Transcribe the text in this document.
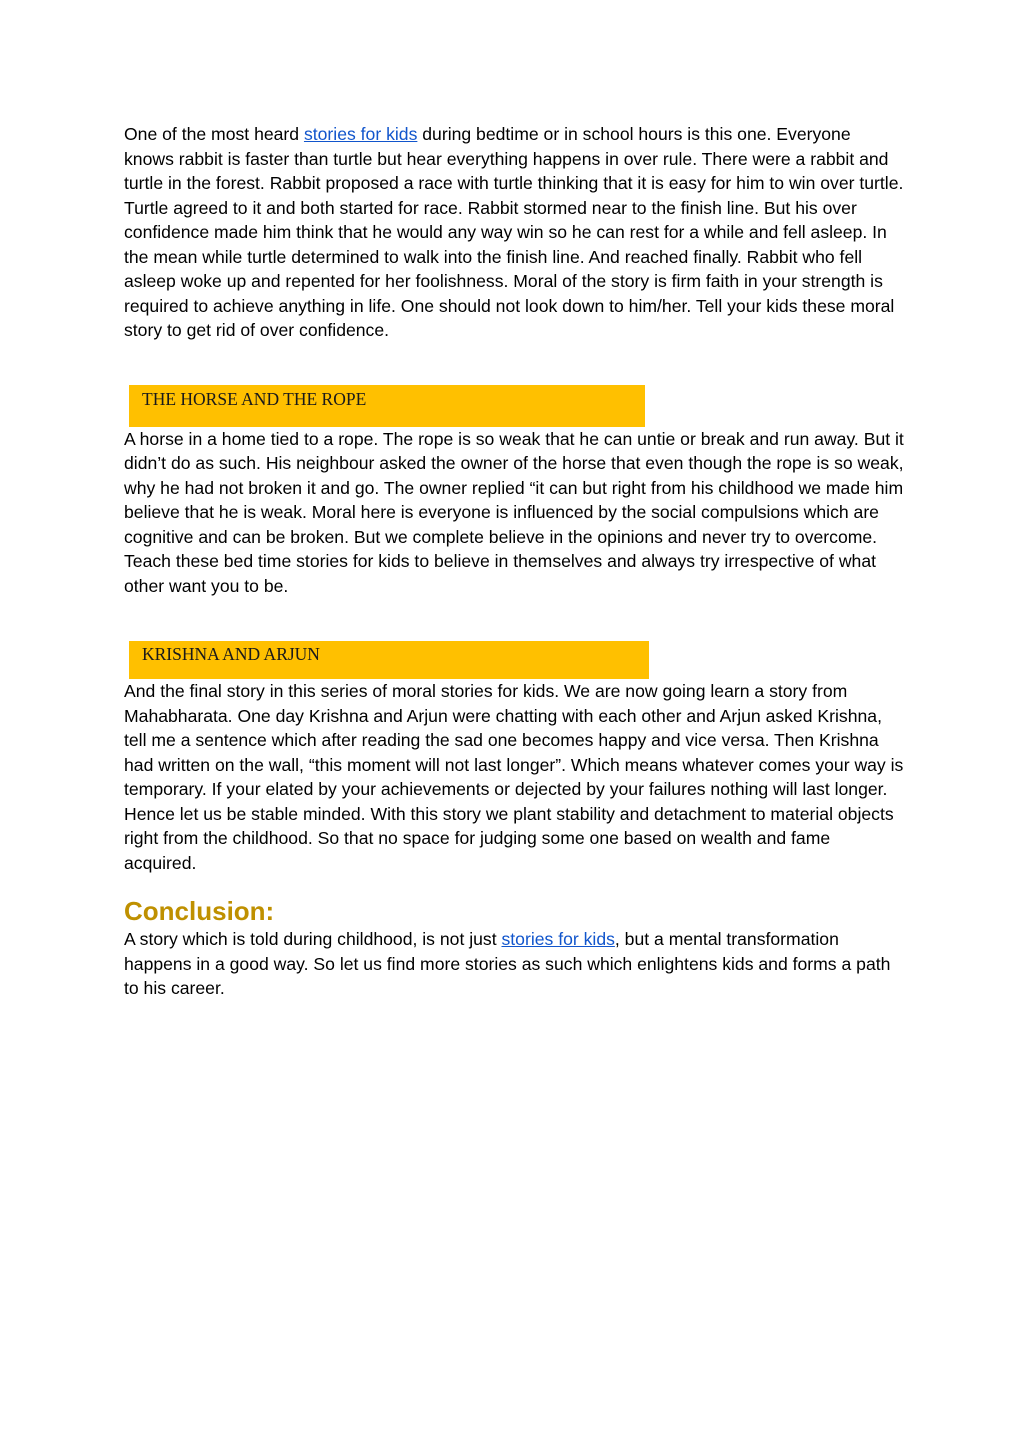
One of the most heard stories for kids during bedtime or in school hours is this one. Everyone knows rabbit is faster than turtle but hear everything happens in over rule. There were a rabbit and turtle in the forest. Rabbit proposed a race with turtle thinking that it is easy for him to win over turtle. Turtle agreed to it and both started for race. Rabbit stormed near to the finish line. But his over confidence made him think that he would any way win so he can rest for a while and fell asleep. In the mean while turtle determined to walk into the finish line. And reached finally. Rabbit who fell asleep woke up and repented for her foolishness. Moral of the story is firm faith in your strength is required to achieve anything in life. One should not look down to him/her. Tell your kids these moral story to get rid of over confidence.

THE HORSE AND THE ROPE

A horse in a home tied to a rope. The rope is so weak that he can untie or break and run away. But it didn’t do as such. His neighbour asked the owner of the horse that even though the rope is so weak, why he had not broken it and go. The owner replied “it can but right from his childhood we made him believe that he is weak. Moral here is everyone is influenced by the social compulsions which are cognitive and can be broken. But we complete believe in the opinions and never try to overcome. Teach these bed time stories for kids to believe in themselves and always try irrespective of what other want you to be.

KRISHNA AND ARJUN

And the final story in this series of moral stories for kids. We are now going learn a story from Mahabharata. One day Krishna and Arjun were chatting with each other and Arjun asked Krishna, tell me a sentence which after reading the sad one becomes happy and vice versa. Then Krishna had written on the wall, “this moment will not last longer”. Which means whatever comes your way is temporary. If your elated by your achievements or dejected by your failures nothing will last longer. Hence let us be stable minded. With this story we plant stability and detachment to material objects right from the childhood. So that no space for judging some one based on wealth and fame acquired.

Conclusion:

A story which is told during childhood, is not just stories for kids, but a mental transformation happens in a good way. So let us find more stories as such which enlightens kids and forms a path to his career.
